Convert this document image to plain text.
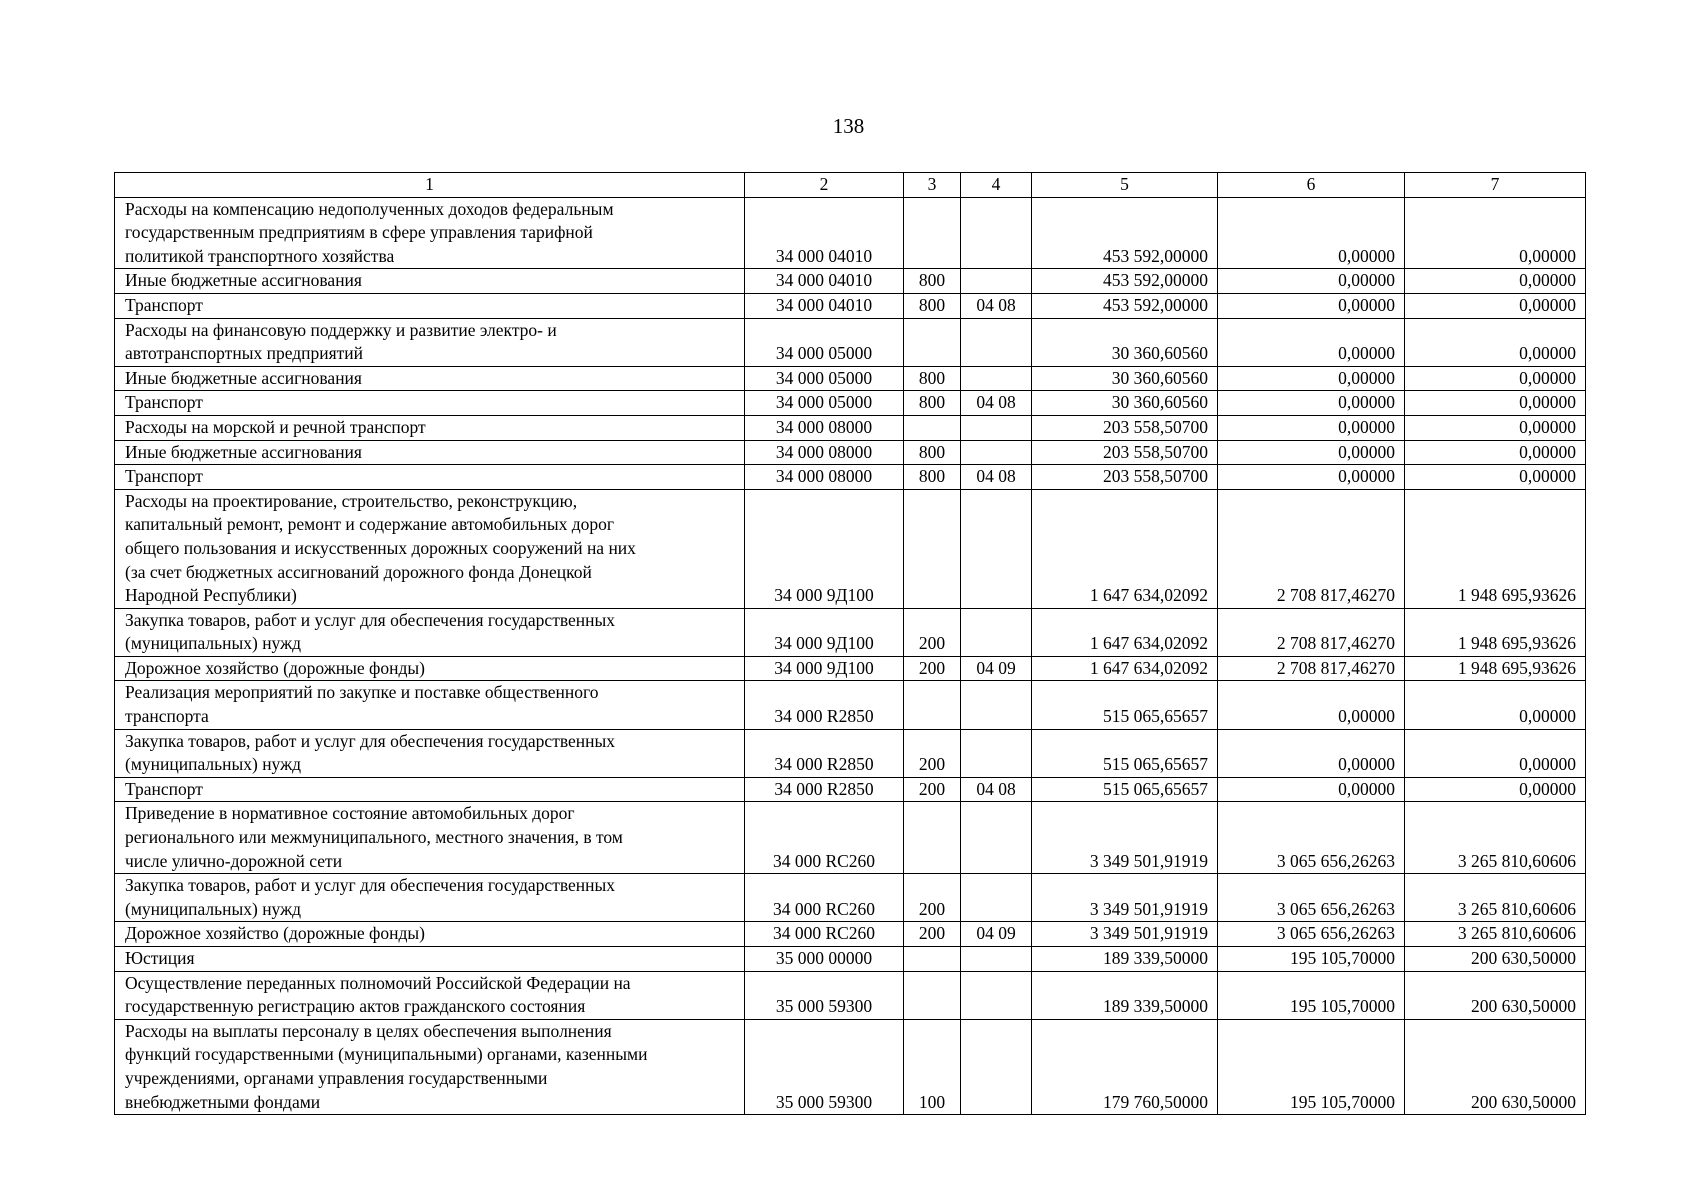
138
1	2	3	4	5	6	7

Расходы на компенсацию недополученных доходов федеральным
государственным предприятиям в сфере управления тарифной
политикой транспортного хозяйства	34 000 04010			453 592,00000	0,00000	0,00000

Иные бюджетные ассигнования	34 000 04010	800		453 592,00000	0,00000	0,00000

Транспорт	34 000 04010	800	04 08	453 592,00000	0,00000	0,00000

Расходы на финансовую поддержку и развитие электро- и
автотранспортных предприятий	34 000 05000			30 360,60560	0,00000	0,00000

Иные бюджетные ассигнования	34 000 05000	800		30 360,60560	0,00000	0,00000

Транспорт	34 000 05000	800	04 08	30 360,60560	0,00000	0,00000

Расходы на морской и речной транспорт	34 000 08000			203 558,50700	0,00000	0,00000

Иные бюджетные ассигнования	34 000 08000	800		203 558,50700	0,00000	0,00000

Транспорт	34 000 08000	800	04 08	203 558,50700	0,00000	0,00000

Расходы на проектирование, строительство, реконструкцию,
капитальный ремонт, ремонт и содержание автомобильных дорог
общего пользования и искусственных дорожных сооружений на них
(за счет бюджетных ассигнований дорожного фонда Донецкой
Народной Республики)	34 000 9Д100			1 647 634,02092	2 708 817,46270	1 948 695,93626

Закупка товаров, работ и услуг для обеспечения государственных
(муниципальных) нужд	34 000 9Д100	200		1 647 634,02092	2 708 817,46270	1 948 695,93626

Дорожное хозяйство (дорожные фонды)	34 000 9Д100	200	04 09	1 647 634,02092	2 708 817,46270	1 948 695,93626

Реализация мероприятий по закупке и поставке общественного
транспорта	34 000 R2850			515 065,65657	0,00000	0,00000

Закупка товаров, работ и услуг для обеспечения государственных
(муниципальных) нужд	34 000 R2850	200		515 065,65657	0,00000	0,00000

Транспорт	34 000 R2850	200	04 08	515 065,65657	0,00000	0,00000

Приведение в нормативное состояние автомобильных дорог
регионального или межмуниципального, местного значения, в том
числе улично-дорожной сети	34 000 RС260			3 349 501,91919	3 065 656,26263	3 265 810,60606

Закупка товаров, работ и услуг для обеспечения государственных
(муниципальных) нужд	34 000 RС260	200		3 349 501,91919	3 065 656,26263	3 265 810,60606

Дорожное хозяйство (дорожные фонды)	34 000 RС260	200	04 09	3 349 501,91919	3 065 656,26263	3 265 810,60606

Юстиция	35 000 00000			189 339,50000	195 105,70000	200 630,50000

Осуществление переданных полномочий Российской Федерации на
государственную регистрацию актов гражданского состояния	35 000 59300			189 339,50000	195 105,70000	200 630,50000

Расходы на выплаты персоналу в целях обеспечения выполнения
функций государственными (муниципальными) органами, казенными
учреждениями, органами управления государственными
внебюджетными фондами	35 000 59300	100		179 760,50000	195 105,70000	200 630,50000
